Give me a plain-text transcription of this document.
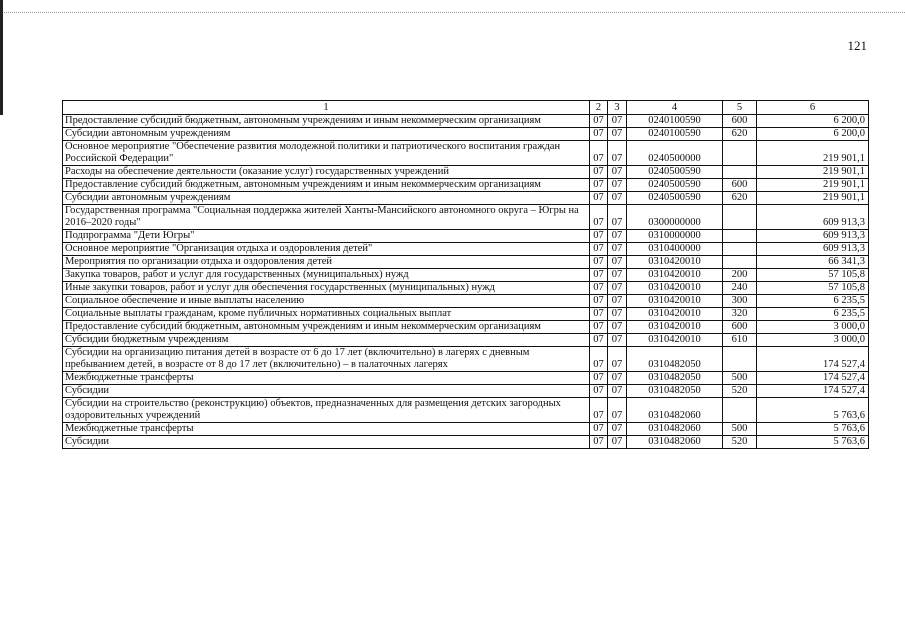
121
1	2	3	4	5	6
Предоставление субсидий бюджетным, автономным учреждениям и иным некоммерческим организациям	07	07	0240100590	600	6 200,0
Субсидии автономным учреждениям	07	07	0240100590	620	6 200,0
Основное мероприятие "Обеспечение развития молодежной политики и патриотического воспитания граждан Российской Федерации"	07	07	0240500000		219 901,1
Расходы на обеспечение деятельности (оказание услуг) государственных учреждений	07	07	0240500590		219 901,1
Предоставление субсидий бюджетным, автономным учреждениям и иным некоммерческим организациям	07	07	0240500590	600	219 901,1
Субсидии автономным учреждениям	07	07	0240500590	620	219 901,1
Государственная программа "Социальная поддержка жителей Ханты-Мансийского автономного округа – Югры на 2016–2020 годы"	07	07	0300000000		609 913,3
Подпрограмма "Дети Югры"	07	07	0310000000		609 913,3
Основное мероприятие "Организация отдыха и оздоровления детей"	07	07	0310400000		609 913,3
Мероприятия по организации отдыха и оздоровления детей	07	07	0310420010		66 341,3
Закупка товаров, работ и услуг для государственных (муниципальных) нужд	07	07	0310420010	200	57 105,8
Иные закупки товаров, работ и услуг для обеспечения государственных (муниципальных) нужд	07	07	0310420010	240	57 105,8
Социальное обеспечение и иные выплаты населению	07	07	0310420010	300	6 235,5
Социальные выплаты гражданам, кроме публичных нормативных социальных выплат	07	07	0310420010	320	6 235,5
Предоставление субсидий бюджетным, автономным учреждениям и иным некоммерческим организациям	07	07	0310420010	600	3 000,0
Субсидии бюджетным учреждениям	07	07	0310420010	610	3 000,0
Субсидии на организацию питания детей в возрасте от 6 до 17 лет (включительно) в лагерях с дневным пребыванием детей, в возрасте от 8 до 17 лет (включительно) – в палаточных лагерях	07	07	0310482050		174 527,4
Межбюджетные трансферты	07	07	0310482050	500	174 527,4
Субсидии	07	07	0310482050	520	174 527,4
Субсидии на строительство (реконструкцию) объектов, предназначенных для размещения детских загородных оздоровительных учреждений	07	07	0310482060		5 763,6
Межбюджетные трансферты	07	07	0310482060	500	5 763,6
Субсидии	07	07	0310482060	520	5 763,6
